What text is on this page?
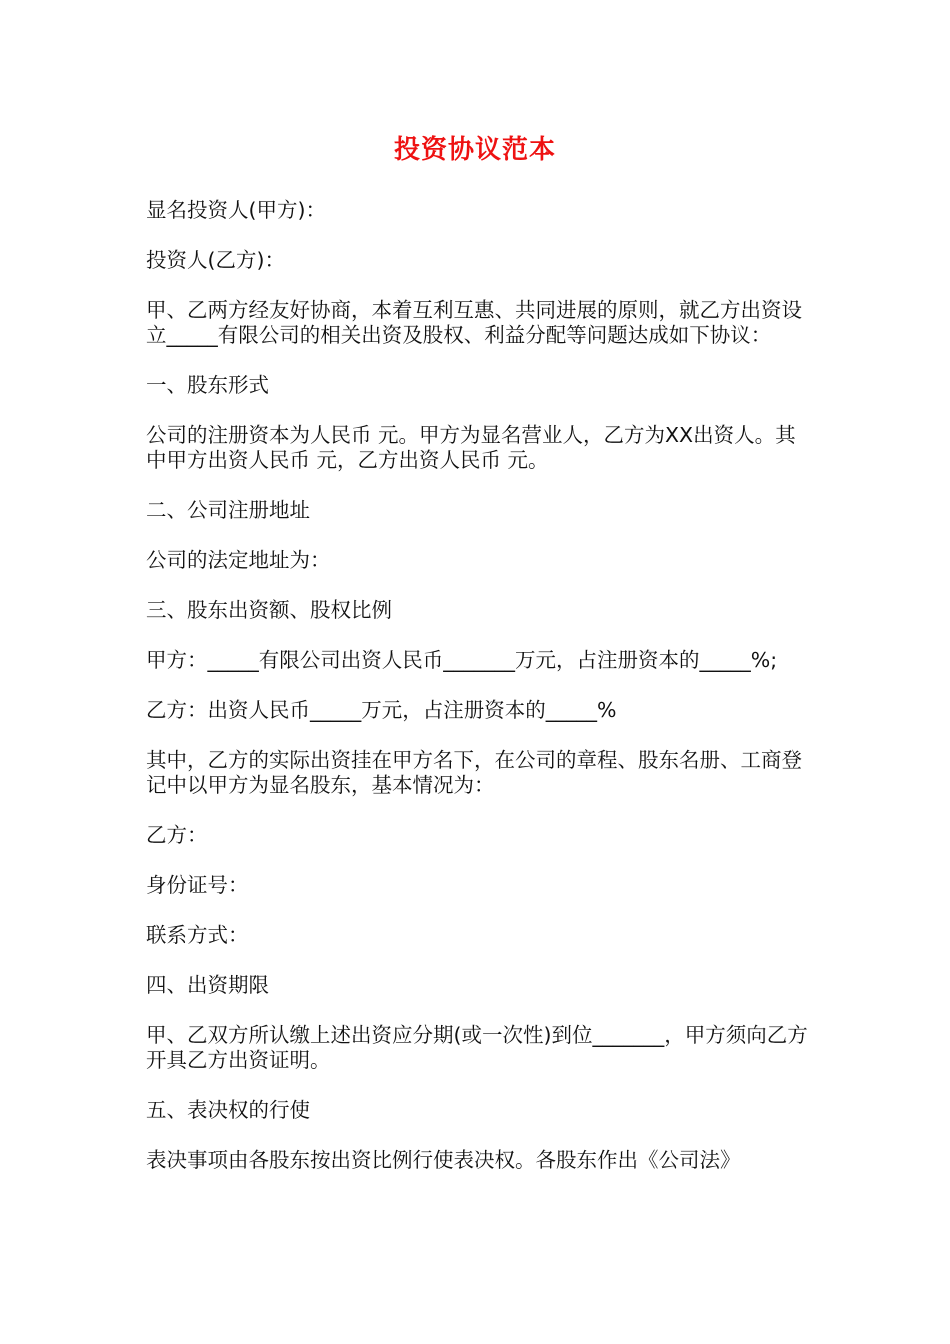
投资协议范本

显名投资人(甲方)：

投资人(乙方)：

甲、乙两方经友好协商，本着互利互惠、共同进展的原则，就乙方出资设立_____有限公司的相关出资及股权、利益分配等问题达成如下协议：

一、股东形式

公司的注册资本为人民币 元。甲方为显名营业人，乙方为XX出资人。其中甲方出资人民币 元，乙方出资人民币 元。

二、公司注册地址

公司的法定地址为：

三、股东出资额、股权比例

甲方：_____有限公司出资人民币_______万元，占注册资本的_____%;

乙方：出资人民币_____万元，占注册资本的_____%

其中，乙方的实际出资挂在甲方名下，在公司的章程、股东名册、工商登记中以甲方为显名股东，基本情况为：

乙方：

身份证号：

联系方式：

四、出资期限

甲、乙双方所认缴上述出资应分期(或一次性)到位_______，甲方须向乙方开具乙方出资证明。

五、表决权的行使

表决事项由各股东按出资比例行使表决权。各股东作出《公司法》
